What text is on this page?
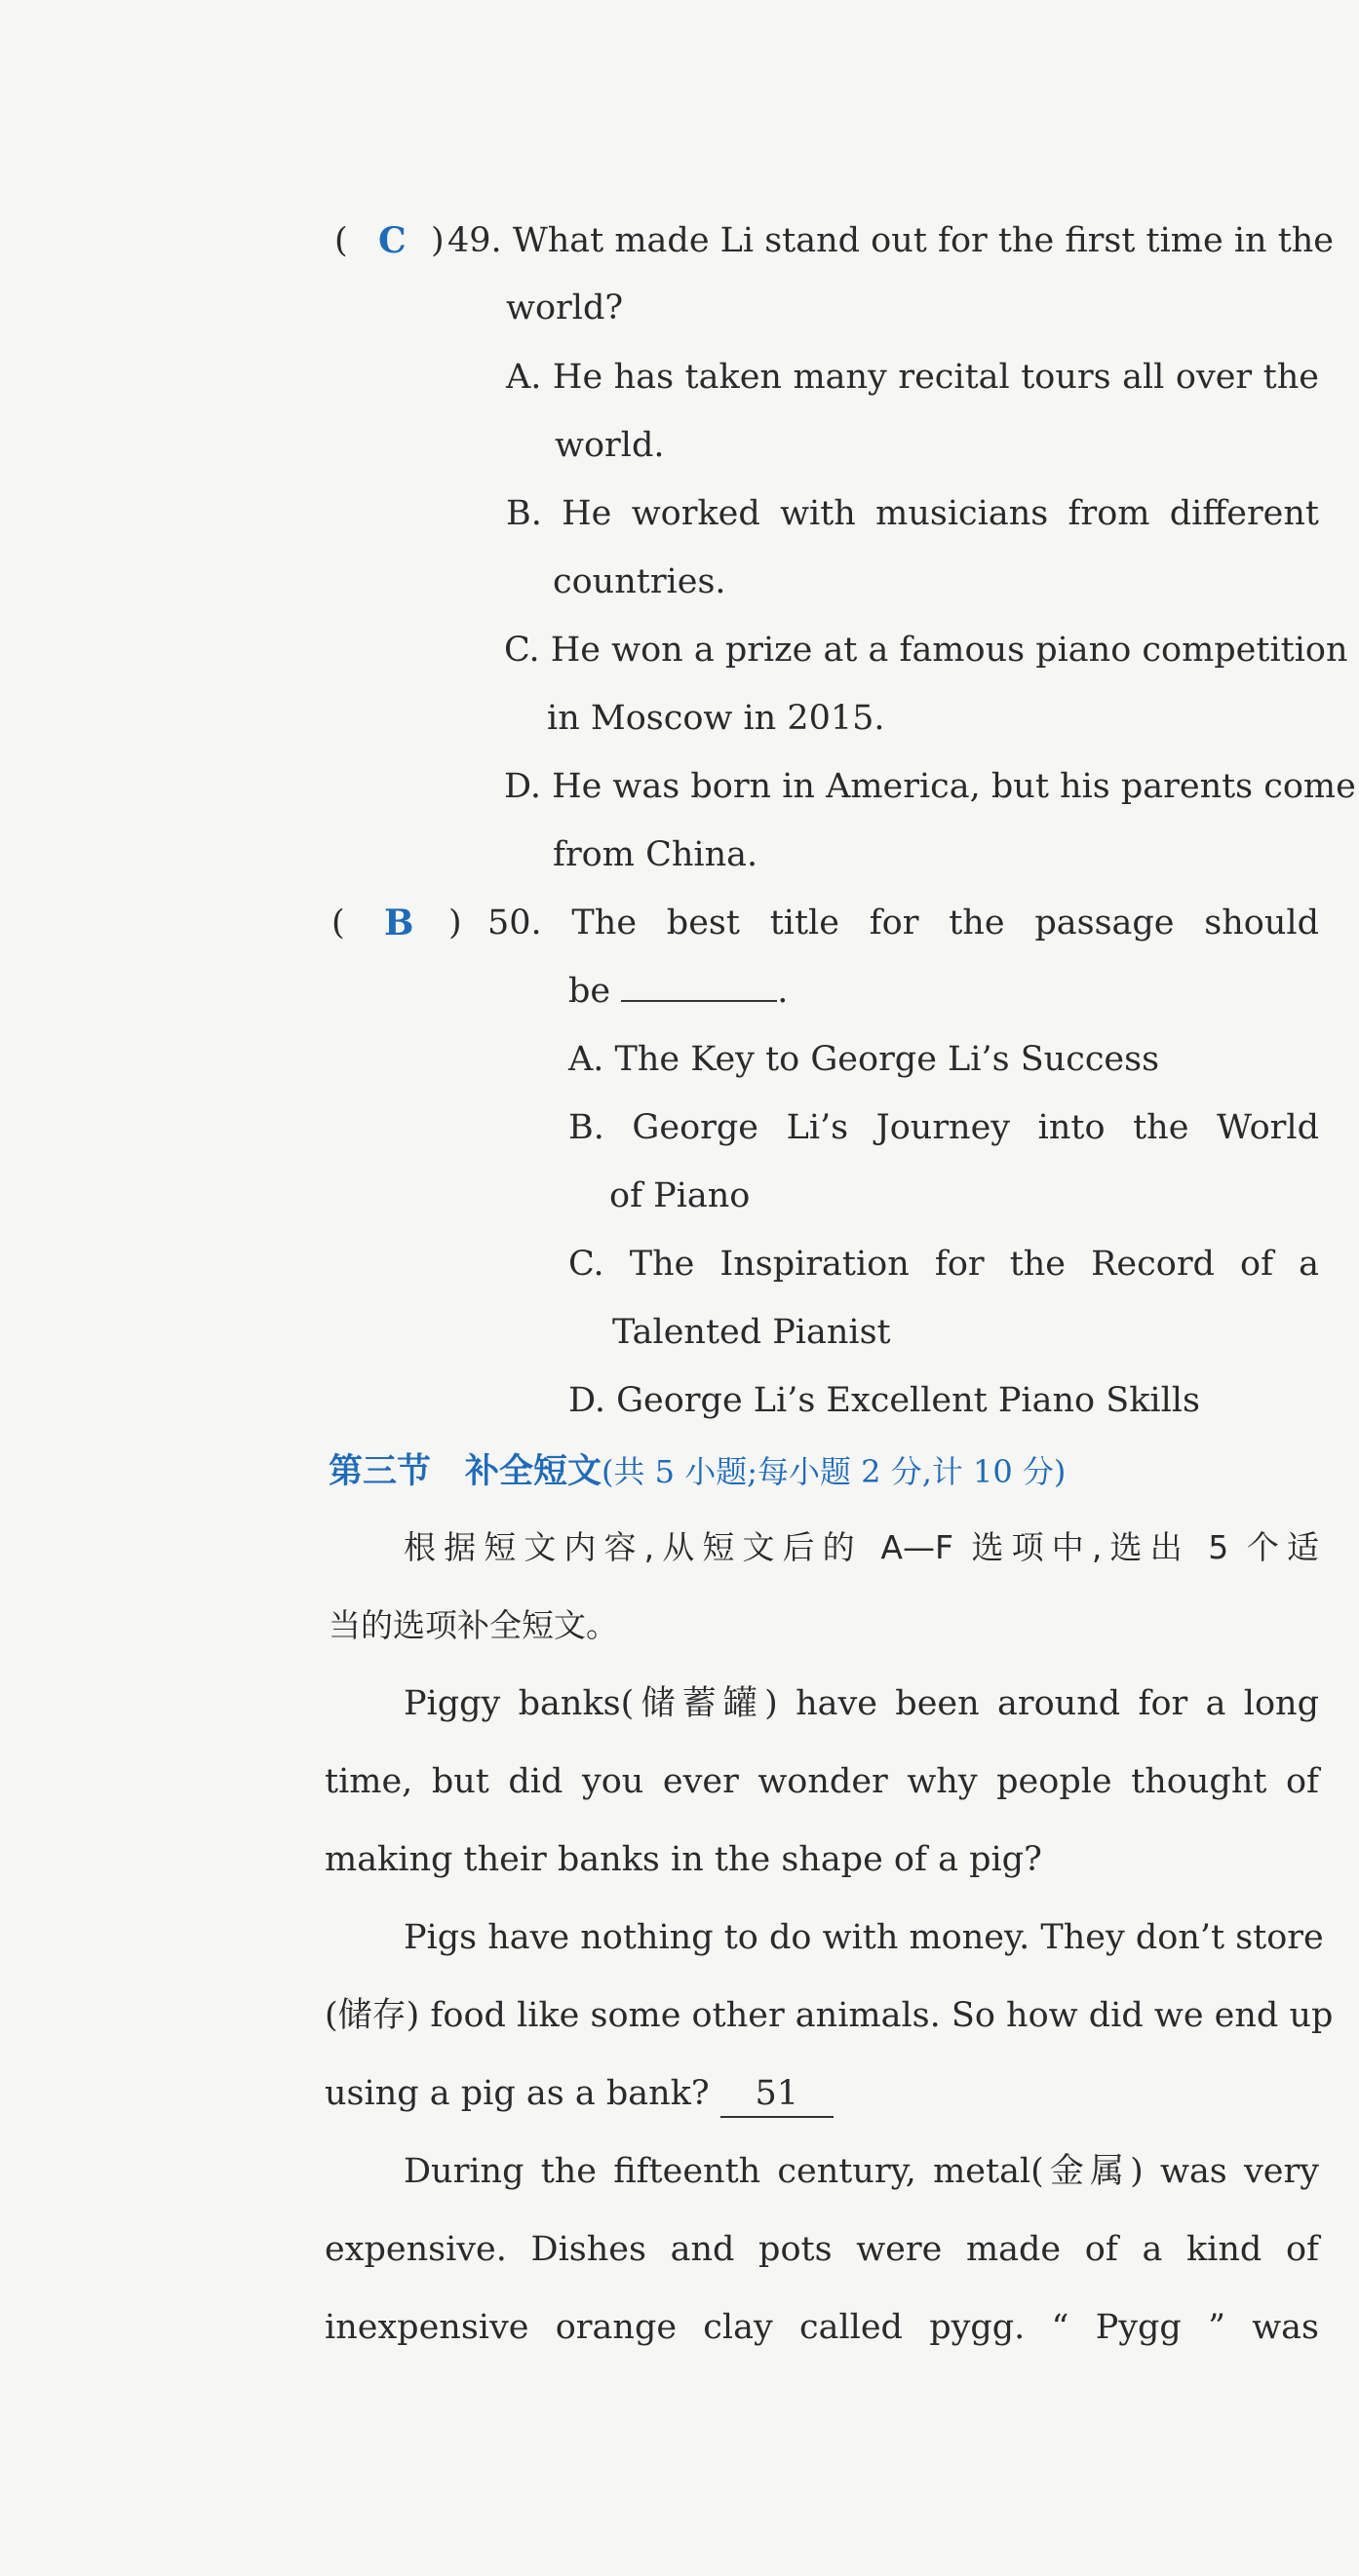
( C ) 49. What made Li stand out for the first time in the
world?
A. He has taken many recital tours all over the
world.
B. He worked with musicians from different
countries.
C. He won a prize at a famous piano competition
in Moscow in 2015.
D. He was born in America, but his parents come
from China.
( B ) 50. The best title for the passage should
be	.
A. The Key to George Li’s Success
B. George Li’s Journey into the World
of Piano
C. The Inspiration for the Record of a
Talented Pianist
D. George Li’s Excellent Piano Skills
第三节　补全短文(共 5 小题;每小题 2 分,计 10 分)
根据短文内容,从短文后的 A—F 选项中,选出 5 个适
当的选项补全短文。
Piggy banks(储蓄罐) have been around for a long
time, but did you ever wonder why people thought of
making their banks in the shape of a pig?
Pigs have nothing to do with money. They don’t store
(储存) food like some other animals. So how did we end up
using a pig as a bank? 51
During the fifteenth century, metal(金属) was very
expensive. Dishes and pots were made of a kind of
inexpensive orange clay called pygg. “ Pygg ” was
